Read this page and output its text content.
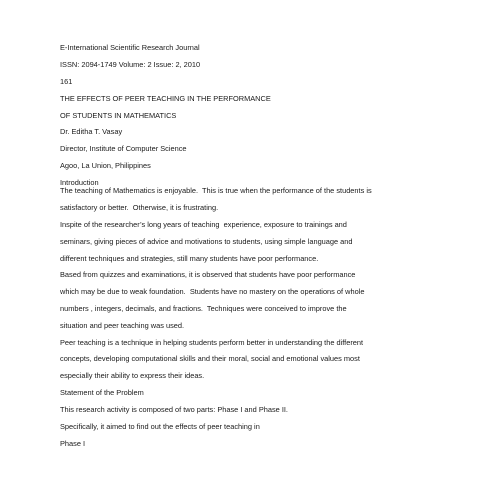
E-International Scientific Research Journal

ISSN: 2094-1749 Volume: 2 Issue: 2, 2010

161

THE EFFECTS OF PEER TEACHING IN THE PERFORMANCE

OF STUDENTS IN MATHEMATICS

Dr. Editha T. Vasay

Director, Institute of Computer Science

Agoo, La Union, Philippines

Introduction

The teaching of Mathematics is enjoyable.  This is true when the performance of the students is

satisfactory or better.  Otherwise, it is frustrating.

Inspite of the researcher’s long years of teaching  experience, exposure to trainings and

seminars, giving pieces of advice and motivations to students, using simple language and

different techniques and strategies, still many students have poor performance.

Based from quizzes and examinations, it is observed that students have poor performance

which may be due to weak foundation.  Students have no mastery on the operations of whole

numbers , integers, decimals, and fractions.  Techniques were conceived to improve the

situation and peer teaching was used.

Peer teaching is a technique in helping students perform better in understanding the different

concepts, developing computational skills and their moral, social and emotional values most

especially their ability to express their ideas.

Statement of the Problem

This research activity is composed of two parts: Phase I and Phase II.

Specifically, it aimed to find out the effects of peer teaching in

Phase I
